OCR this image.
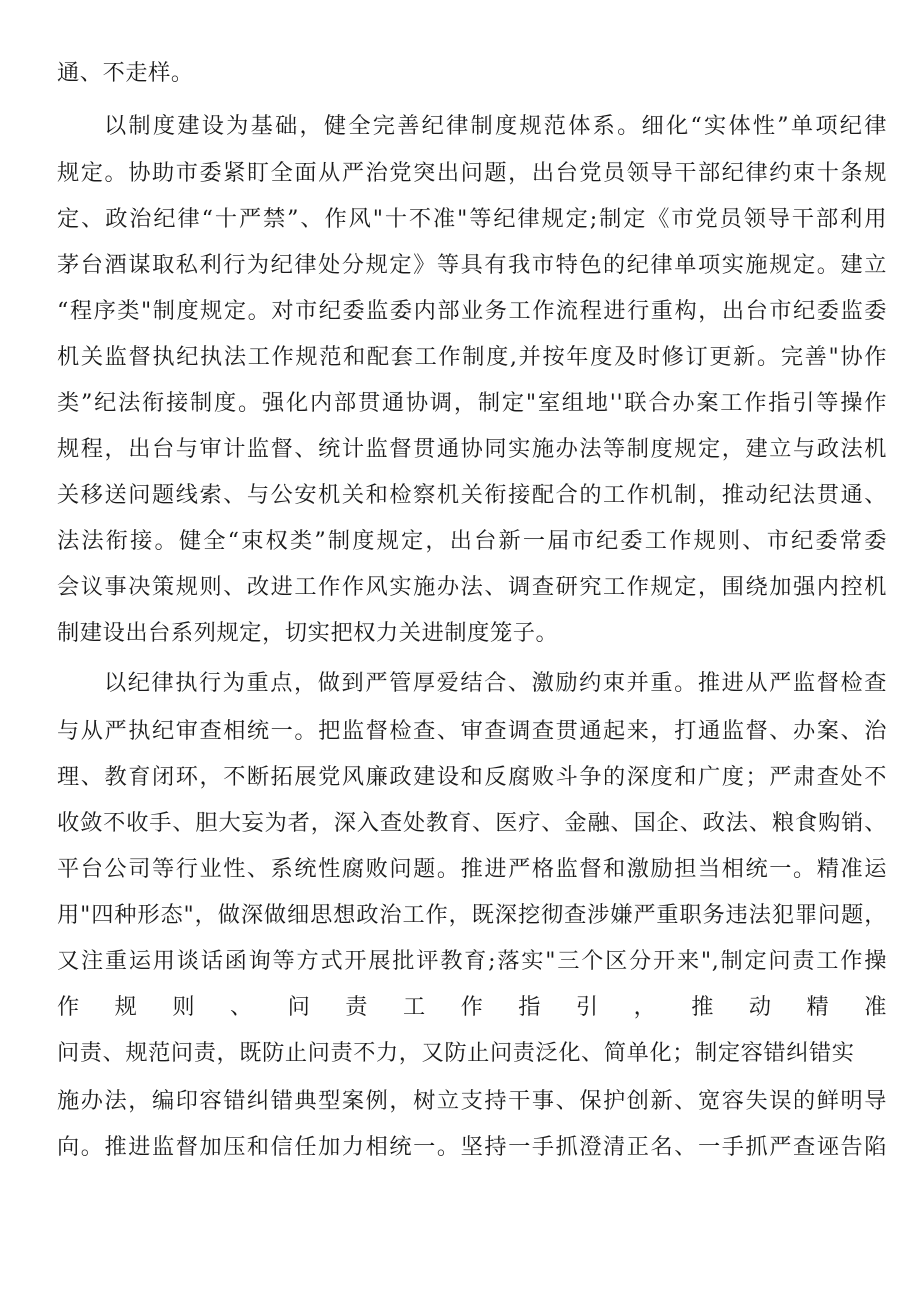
通、不走样。
以制度建设为基础，健全完善纪律制度规范体系。细化“实体性”单项纪律
规定。协助市委紧盯全面从严治党突出问题，出台党员领导干部纪律约束十条规
定、政治纪律“十严禁”、作风"十不准"等纪律规定;制定《市党员领导干部利用
茅台酒谋取私利行为纪律处分规定》等具有我市特色的纪律单项实施规定。建立
“程序类"制度规定。对市纪委监委内部业务工作流程进行重构，出台市纪委监委
机关监督执纪执法工作规范和配套工作制度,并按年度及时修订更新。完善"协作
类”纪法衔接制度。强化内部贯通协调，制定"室组地''联合办案工作指引等操作
规程，出台与审计监督、统计监督贯通协同实施办法等制度规定，建立与政法机
关移送问题线索、与公安机关和检察机关衔接配合的工作机制，推动纪法贯通、
法法衔接。健全“束权类”制度规定，出台新一届市纪委工作规则、市纪委常委
会议事决策规则、改进工作作风实施办法、调查研究工作规定，围绕加强内控机
制建设出台系列规定，切实把权力关进制度笼子。
以纪律执行为重点，做到严管厚爱结合、激励约束并重。推进从严监督检查
与从严执纪审查相统一。把监督检查、审查调查贯通起来，打通监督、办案、治
理、教育闭环，不断拓展党风廉政建设和反腐败斗争的深度和广度；严肃查处不
收敛不收手、胆大妄为者，深入查处教育、医疗、金融、国企、政法、粮食购销、
平台公司等行业性、系统性腐败问题。推进严格监督和激励担当相统一。精准运
用"四种形态"，做深做细思想政治工作，既深挖彻查涉嫌严重职务违法犯罪问题，
又注重运用谈话函询等方式开展批评教育;落实"三个区分开来",制定问责工作操
作规则、问责工作指引，推动精准
问责、规范问责，既防止问责不力，又防止问责泛化、简单化；制定容错纠错实
施办法，编印容错纠错典型案例，树立支持干事、保护创新、宽容失误的鲜明导
向。推进监督加压和信任加力相统一。坚持一手抓澄清正名、一手抓严查诬告陷
